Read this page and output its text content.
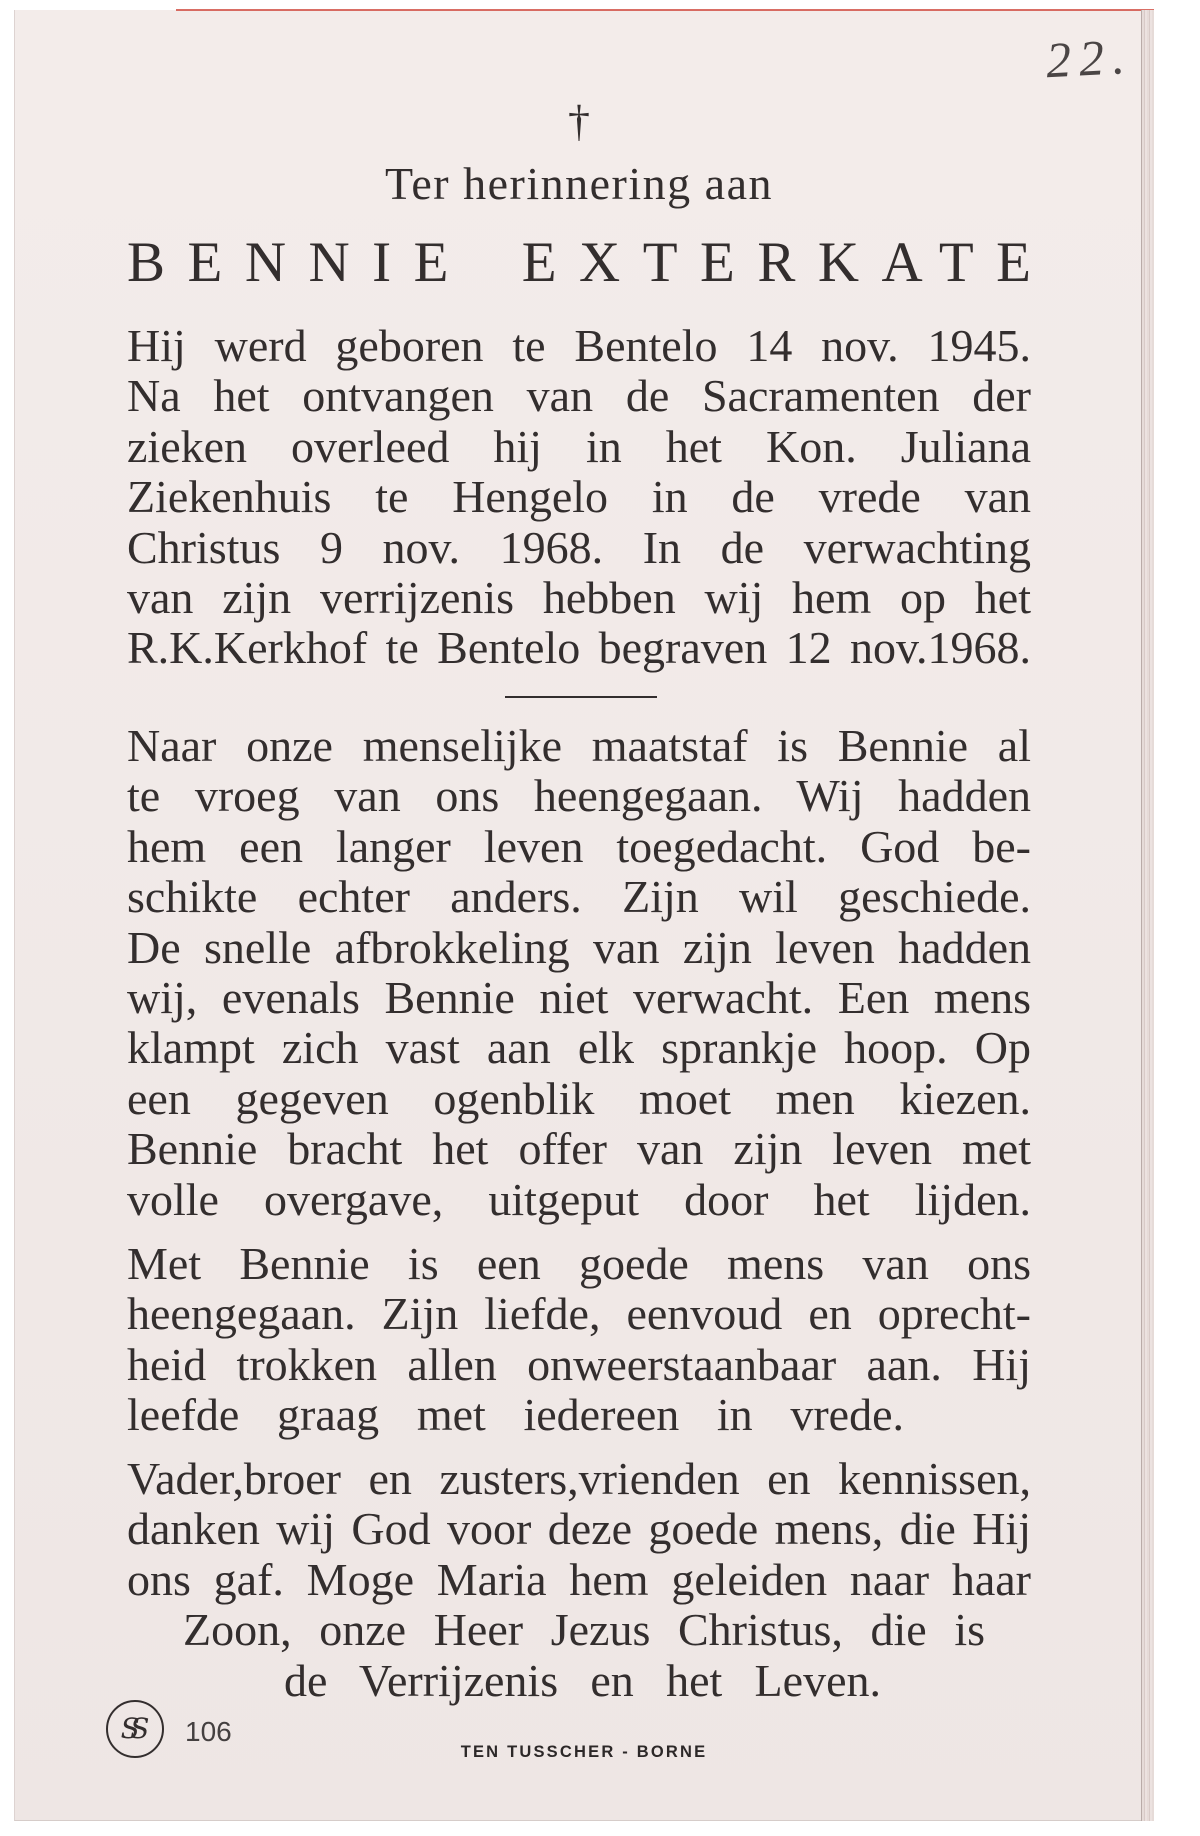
22.
†
Ter herinnering aan
BENNIE EXTERKATE
Hij werd geboren te Bentelo 14 nov. 1945.
Na het ontvangen van de Sacramenten der
zieken overleed hij in het Kon. Juliana
Ziekenhuis te Hengelo in de vrede van
Christus 9 nov. 1968. In de verwachting
van zijn verrijzenis hebben wij hem op het
R.K.Kerkhof te Bentelo begraven 12 nov.1968.
Naar onze menselijke maatstaf is Bennie al
te vroeg van ons heengegaan. Wij hadden
hem een langer leven toegedacht. God be-
schikte echter anders. Zijn wil geschiede.
De snelle afbrokkeling van zijn leven hadden
wij, evenals Bennie niet verwacht. Een mens
klampt zich vast aan elk sprankje hoop. Op
een gegeven ogenblik moet men kiezen.
Bennie bracht het offer van zijn leven met
volle overgave, uitgeput door het lijden.
Met Bennie is een goede mens van ons
heengegaan. Zijn liefde, eenvoud en oprecht-
heid trokken allen onweerstaanbaar aan. Hij
leefde graag met iedereen in vrede.
Vader,broer en zusters,vrienden en kennissen,
danken wij God voor deze goede mens, die Hij
ons gaf. Moge Maria hem geleiden naar haar
Zoon, onze Heer Jezus Christus, die is
de Verrijzenis en het Leven.
SS	106
TEN TUSSCHER - BORNE
